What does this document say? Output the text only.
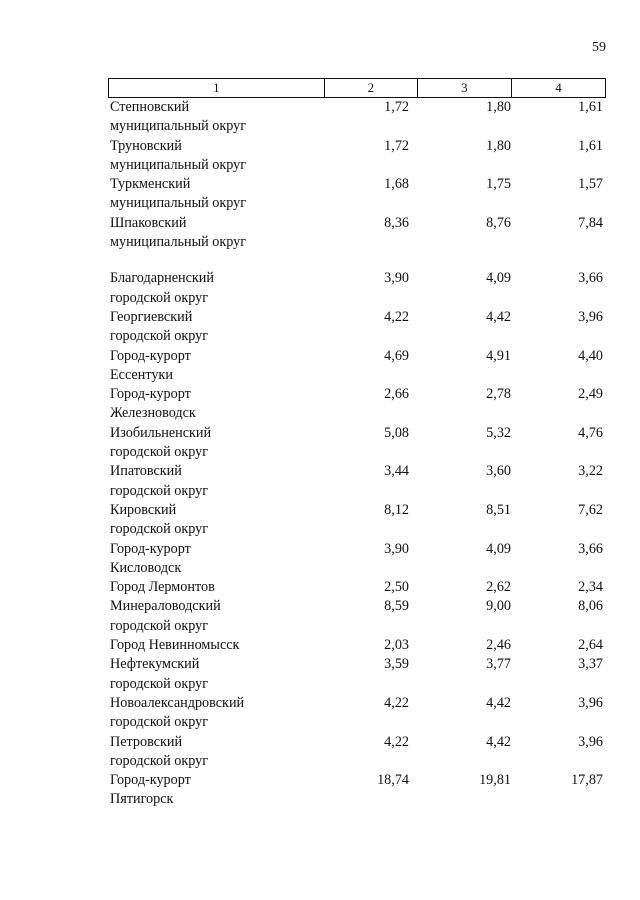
59
1	2	3	4
Степновский
муниципальный округ
1,72	1,80	1,61
Труновский
муниципальный округ
1,72	1,80	1,61
Туркменский
муниципальный округ
1,68	1,75	1,57
Шпаковский
муниципальный округ
8,36	8,76	7,84
Благодарненский
городской округ
3,90	4,09	3,66
Георгиевский
городской округ
4,22	4,42	3,96
Город-курорт
Ессентуки
4,69	4,91	4,40
Город-курорт
Железноводск
2,66	2,78	2,49
Изобильненский
городской округ
5,08	5,32	4,76
Ипатовский
городской округ
3,44	3,60	3,22
Кировский
городской округ
8,12	8,51	7,62
Город-курорт
Кисловодск
3,90	4,09	3,66
Город Лермонтов	2,50	2,62	2,34
Минераловодский
городской округ
8,59	9,00	8,06
Город Невинномысск	2,03	2,46	2,64
Нефтекумский
городской округ
3,59	3,77	3,37
Новоалександровский
городской округ
4,22	4,42	3,96
Петровский
городской округ
4,22	4,42	3,96
Город-курорт
Пятигорск
18,74	19,81	17,87
